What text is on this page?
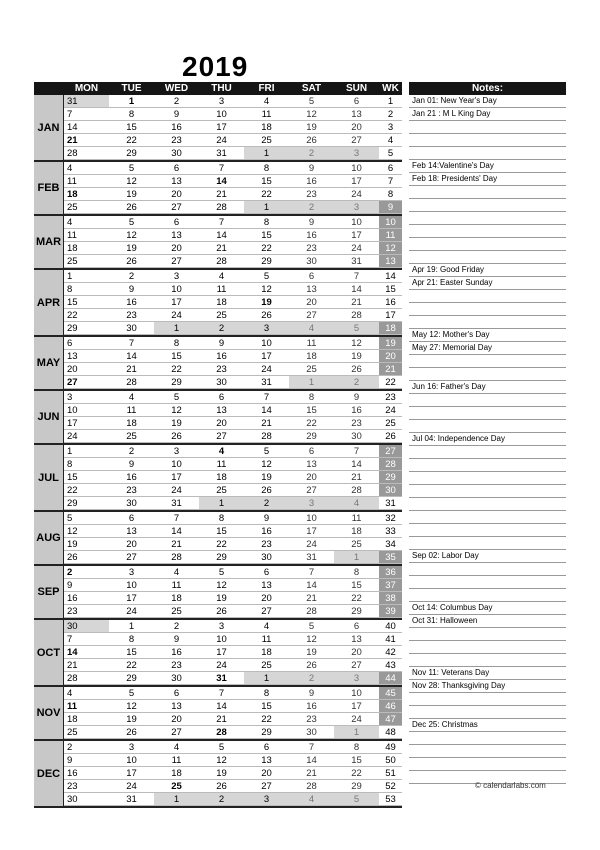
2019
MON	TUE	WED	THU	FRI	SAT	SUN	WK
JAN
31	1	2	3	4	5	6	1
7	8	9	10	11	12	13	2
14	15	16	17	18	19	20	3
21	22	23	24	25	26	27	4
28	29	30	31	1	2	3	5
FEB
4	5	6	7	8	9	10	6
11	12	13	14	15	16	17	7
18	19	20	21	22	23	24	8
25	26	27	28	1	2	3	9
MAR
4	5	6	7	8	9	10	10
11	12	13	14	15	16	17	11
18	19	20	21	22	23	24	12
25	26	27	28	29	30	31	13
APR
1	2	3	4	5	6	7	14
8	9	10	11	12	13	14	15
15	16	17	18	19	20	21	16
22	23	24	25	26	27	28	17
29	30	1	2	3	4	5	18
MAY
6	7	8	9	10	11	12	19
13	14	15	16	17	18	19	20
20	21	22	23	24	25	26	21
27	28	29	30	31	1	2	22
JUN
3	4	5	6	7	8	9	23
10	11	12	13	14	15	16	24
17	18	19	20	21	22	23	25
24	25	26	27	28	29	30	26
JUL
1	2	3	4	5	6	7	27
8	9	10	11	12	13	14	28
15	16	17	18	19	20	21	29
22	23	24	25	26	27	28	30
29	30	31	1	2	3	4	31
AUG
5	6	7	8	9	10	11	32
12	13	14	15	16	17	18	33
19	20	21	22	23	24	25	34
26	27	28	29	30	31	1	35
SEP
2	3	4	5	6	7	8	36
9	10	11	12	13	14	15	37
16	17	18	19	20	21	22	38
23	24	25	26	27	28	29	39
OCT
30	1	2	3	4	5	6	40
7	8	9	10	11	12	13	41
14	15	16	17	18	19	20	42
21	22	23	24	25	26	27	43
28	29	30	31	1	2	3	44
NOV
4	5	6	7	8	9	10	45
11	12	13	14	15	16	17	46
18	19	20	21	22	23	24	47
25	26	27	28	29	30	1	48
DEC
2	3	4	5	6	7	8	49
9	10	11	12	13	14	15	50
16	17	18	19	20	21	22	51
23	24	25	26	27	28	29	52
30	31	1	2	3	4	5	53
Notes:
Jan 01: New Year's Day
Jan 21 : M L King Day
Feb 14:Valentine's Day
Feb 18: Presidents' Day
Apr 19: Good Friday
Apr 21: Easter Sunday
May 12: Mother's Day
May 27: Memorial Day
Jun 16: Father's Day
Jul 04: Independence Day
Sep 02: Labor Day
Oct 14: Columbus Day
Oct 31: Halloween
Nov 11: Veterans Day
Nov 28: Thanksgiving Day
Dec 25: Christmas
© calendarlabs.com
